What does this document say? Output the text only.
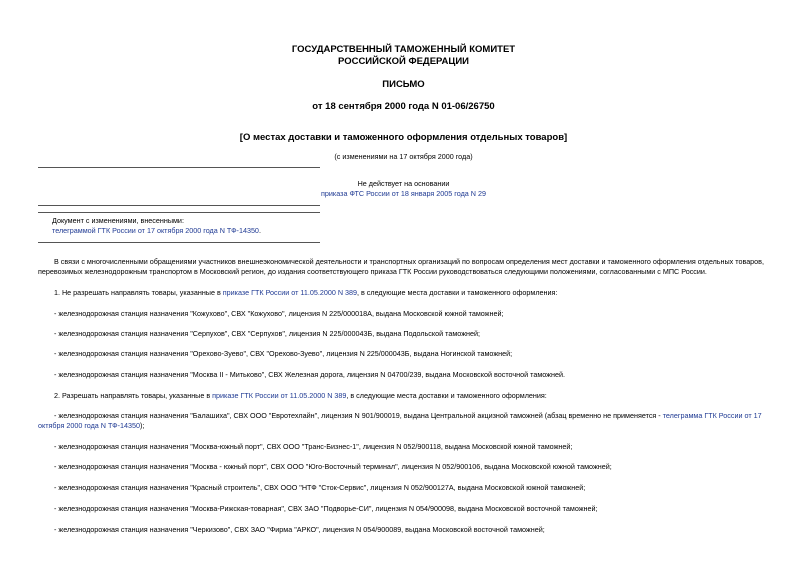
ГОСУДАРСТВЕННЫЙ ТАМОЖЕННЫЙ КОМИТЕТ
РОССИЙСКОЙ ФЕДЕРАЦИИ
ПИСЬМО
от 18 сентября 2000 года N 01-06/26750
[О местах доставки и таможенного оформления отдельных товаров]
(с изменениями на 17 октября 2000 года)
Не действует на основании
приказа ФТС России от 18 января 2005 года N 29
Документ с изменениями, внесенными:
телеграммой ГТК России от 17 октября 2000 года N ТФ-14350.
В связи с многочисленными обращениями участников внешнеэкономической деятельности и транспортных организаций по вопросам определения мест доставки и таможенного оформления отдельных товаров, перевозимых железнодорожным транспортом в Московский регион, до издания соответствующего приказа ГТК России руководствоваться следующими положениями, согласованными с МПС России.
1. Не разрешать направлять товары, указанные в приказе ГТК России от 11.05.2000 N 389, в следующие места доставки и таможенного оформления:
- железнодорожная станция назначения "Кожухово", СВХ "Кожухово", лицензия N 225/000018А, выдана Московской южной таможней;
- железнодорожная станция назначения "Серпухов", СВХ "Серпухов", лицензия N 225/000043Б, выдана Подольской таможней;
- железнодорожная станция назначения "Орехово-Зуево", СВХ "Орехово-Зуево", лицензия N 225/000043Б, выдана Ногинской таможней;
- железнодорожная станция назначения "Москва II - Митьково", СВХ Железная дорога, лицензия N 04700/239, выдана Московской восточной таможней.
2. Разрешать направлять товары, указанные в приказе ГТК России от 11.05.2000 N 389, в следующие места доставки и таможенного оформления:
- железнодорожная станция назначения "Балашиха", СВХ ООО "Евротехлайн", лицензия N 901/900019, выдана Центральной акцизной таможней (абзац временно не применяется - телеграмма ГТК России от 17 октября 2000 года N ТФ-14350);
- железнодорожная станция назначения "Москва-южный порт", СВХ ООО "Транс-Бизнес-1", лицензия N 052/900118, выдана Московской южной таможней;
- железнодорожная станция назначения "Москва - южный порт", СВХ ООО "Юго-Восточный терминал", лицензия N 052/900106, выдана Московской южной таможней;
- железнодорожная станция назначения "Красный строитель", СВХ ООО "НТФ "Сток-Сервис", лицензия N 052/900127А, выдана Московской южной таможней;
- железнодорожная станция назначения "Москва-Рижская-товарная", СВХ ЗАО "Подворье-СИ", лицензия N 054/900098, выдана Московской восточной таможней;
- железнодорожная станция назначения "Черкизово", СВХ ЗАО "Фирма "АРКО", лицензия N 054/900089, выдана Московской восточной таможней;
